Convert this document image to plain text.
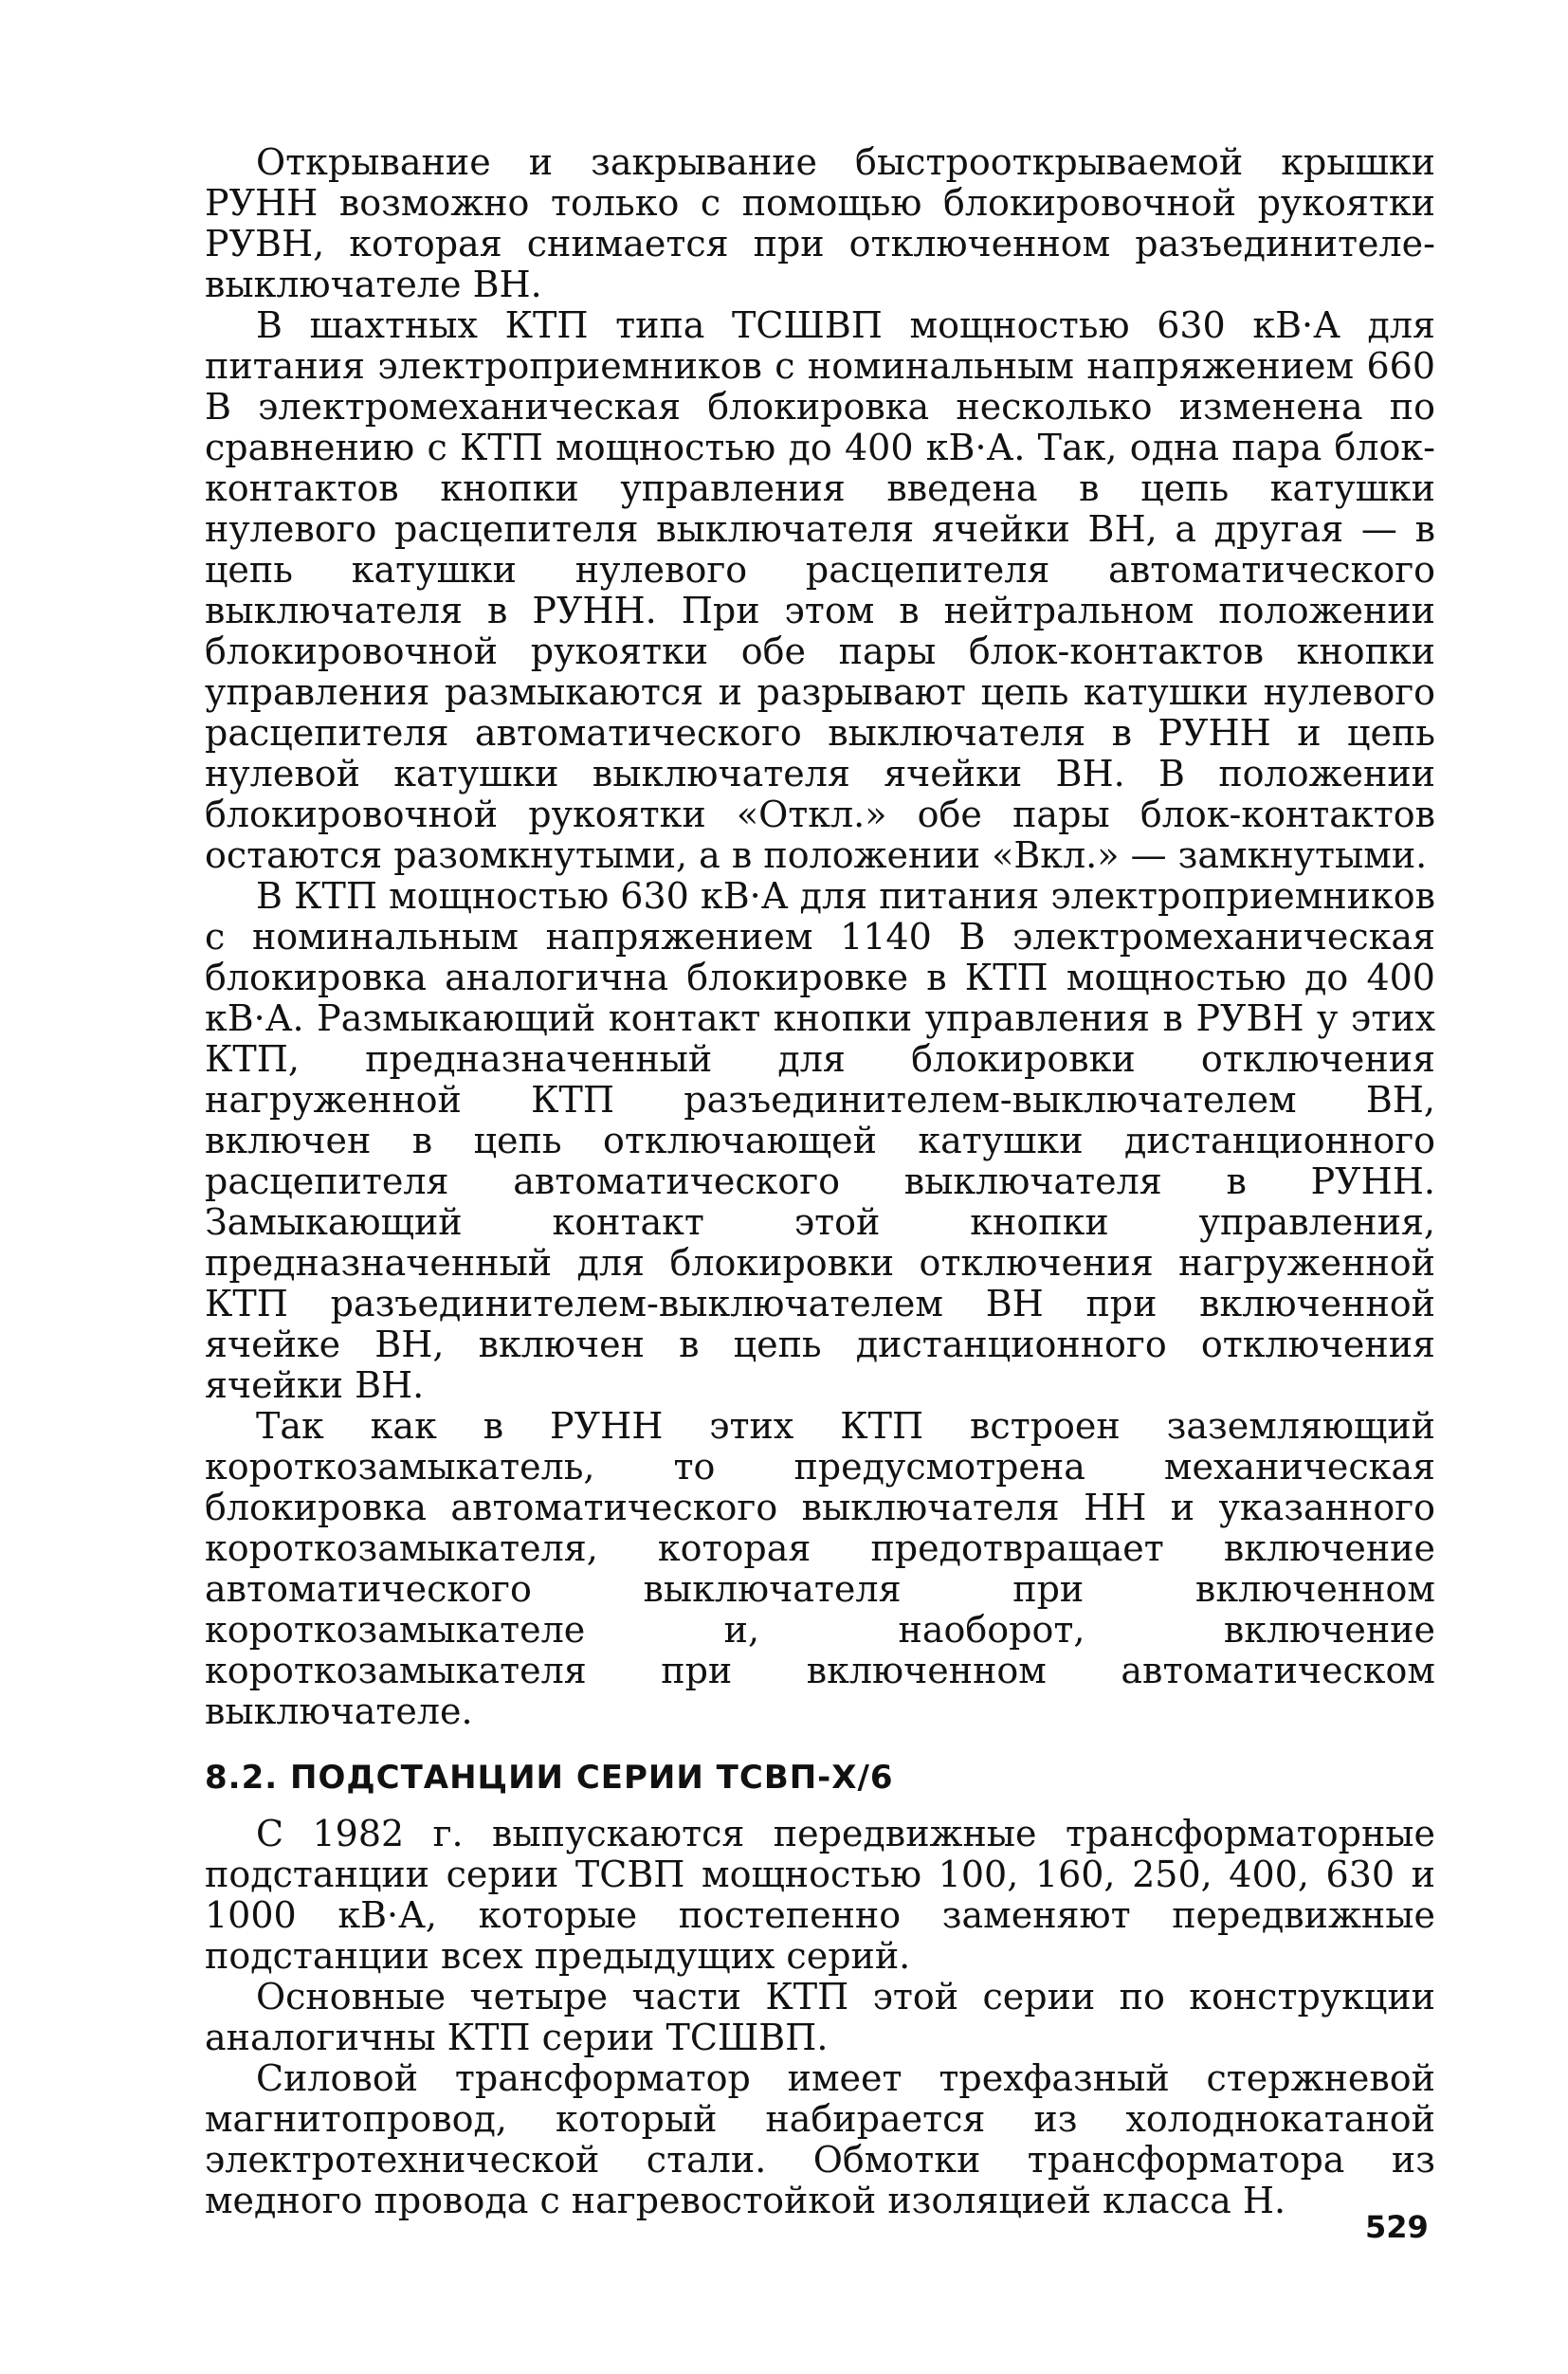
Открывание и закрывание быстрооткрываемой крышки РУНН возможно только с помощью блокировочной рукоятки РУВН, которая снимается при отключенном разъединителе-выключателе ВН.

В шахтных КТП типа ТСШВП мощностью 630 кВ·А для питания электроприемников с номинальным напряжением 660 В электромеханическая блокировка несколько изменена по сравнению с КТП мощностью до 400 кВ·А. Так, одна пара блок-контактов кнопки управления введена в цепь катушки нулевого расцепителя выключателя ячейки ВН, а другая — в цепь катушки нулевого расцепителя автоматического выключателя в РУНН. При этом в нейтральном положении блокировочной рукоятки обе пары блок-контактов кнопки управления размыкаются и разрывают цепь катушки нулевого расцепителя автоматического выключателя в РУНН и цепь нулевой катушки выключателя ячейки ВН. В положении блокировочной рукоятки «Откл.» обе пары блок-контактов остаются разомкнутыми, а в положении «Вкл.» — замкнутыми.

В КТП мощностью 630 кВ·А для питания электроприемников с номинальным напряжением 1140 В электромеханическая блокировка аналогична блокировке в КТП мощностью до 400 кВ·А. Размыкающий контакт кнопки управления в РУВН у этих КТП, предназначенный для блокировки отключения нагруженной КТП разъединителем-выключателем ВН, включен в цепь отключающей катушки дистанционного расцепителя автоматического выключателя в РУНН. Замыкающий контакт этой кнопки управления, предназначенный для блокировки отключения нагруженной КТП разъединителем-выключателем ВН при включенной ячейке ВН, включен в цепь дистанционного отключения ячейки ВН.

Так как в РУНН этих КТП встроен заземляющий короткозамыкатель, то предусмотрена механическая блокировка автоматического выключателя НН и указанного короткозамыкателя, которая предотвращает включение автоматического выключателя при включенном короткозамыкателе и, наоборот, включение короткозамыкателя при включенном автоматическом выключателе.

8.2. ПОДСТАНЦИИ СЕРИИ ТСВП-Х/6

С 1982 г. выпускаются передвижные трансформаторные подстанции серии ТСВП мощностью 100, 160, 250, 400, 630 и 1000 кВ·А, которые постепенно заменяют передвижные подстанции всех предыдущих серий.

Основные четыре части КТП этой серии по конструкции аналогичны КТП серии ТСШВП.

Силовой трансформатор имеет трехфазный стержневой магнитопровод, который набирается из холоднокатаной электротехнической стали. Обмотки трансформатора из медного провода с нагревостойкой изоляцией класса Н.

529
